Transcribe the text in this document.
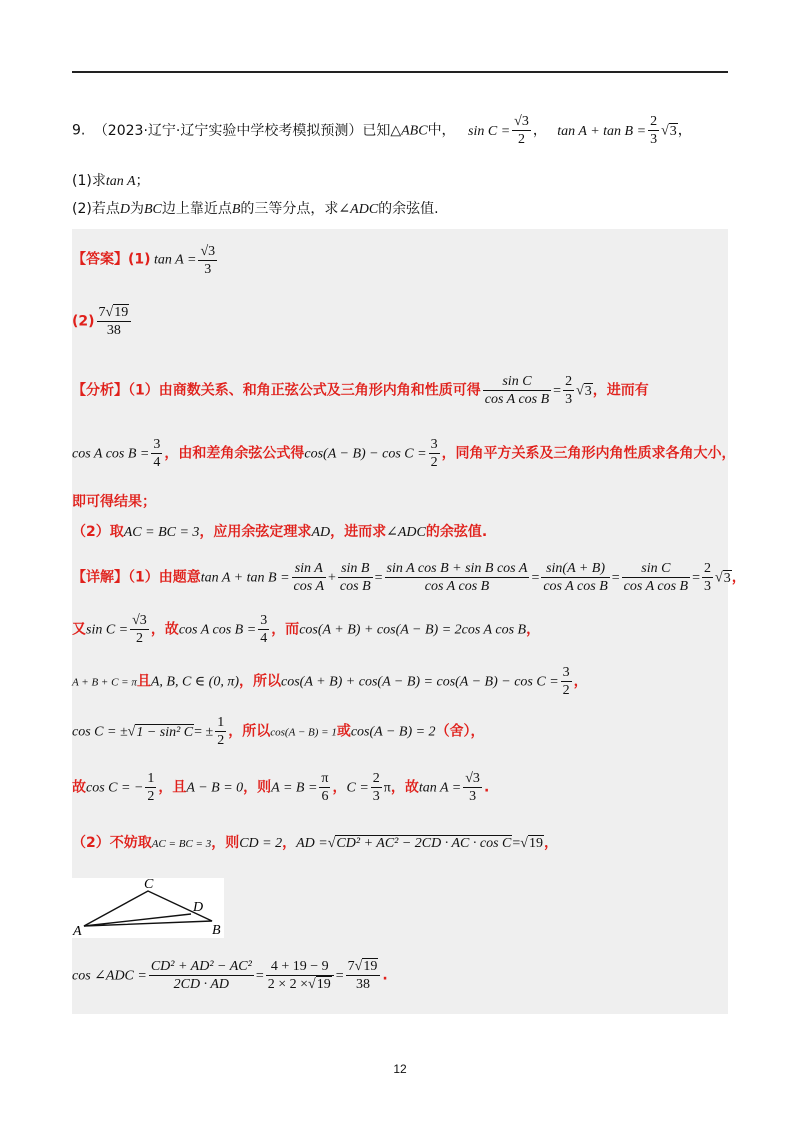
9. （2023·辽宁·辽宁实验中学校考模拟预测）已知△ABC中， $\sin C = \frac{√3}{2}$ ， $\tan A + \tan B = \frac{2}{3} √3$，
(1)求tan A；
(2)若点D为BC边上靠近点B的三等分点，求∠ADC的余弦值.
【答案】(1) $\tan A = \frac{√3}{3}$
$(2) \frac{7√19}{38}$
【分析】（1）由商数关系、和角正弦公式及三角形内角和性质可得 $\frac{\text{sin C}}{\text{cos A cos B}} = \frac{2}{3} √3$，进而有
cos A $\cos B = \frac{3}{4}$ ，由和差角余弦公式得$\cos(A - B) - \cos C = \frac{3}{2}$ ，同角平方关系及三角形内角性质求各角大小，
即可得结果；
（2）取AC = BC = 3，应用余弦定理求AD，进而求∠ADC的余弦值.
【详解】（1）由题意$\tan A + \tan B = \frac{\text{sin A}}{\text{cos A}} + \frac{\text{sin B}}{\text{cos B}} = \frac{\text{sin A cos B + sin B cos A}}{\text{cos A cos B}} = \frac{\sin(A + B)}{\text{cos A cos B}} = \frac{\text{sin C}}{\text{cos A cos B}} = \frac{2}{3} √3$，
又$\sin C = \frac{√3}{2}$ ，故cos A $\cos B = \frac{3}{4}$ ，而cos(A + B) + cos(A − B) = 2cos A cos B，
A + B + C = π且A, B, C ∈ (0, π)，所以$\cos(A + B) + \cos(A - B) = \cos(A - B) - \cos C = \frac{3}{2}$ ，
cos C = ±√1 − sin² $C= \pm \frac{1}{2}$ ，所以cos(A − B) = 1或cos(A − B) = 2（舍），
故cos C = − $\frac{1}{2}$ ，且A − B = 0，则$A = B = \frac{\pi}{6}$ ，$C = \frac{2}{3}$ π，故$\tan A = \frac{√3}{3}$ .
（2）不妨取AC = BC = 3，则CD = 2，AD =√CD² + AC² − 2CD · AC · cos C=√19，
C
A	B
D
cos ∠ADC = $\frac{\text{CD² + AD² − AC²}}{2CD \cdot AD} = \frac{4 + 19 - 9}{2 \times 2 \times√19} = \frac{7√19}{38}$ .
12
